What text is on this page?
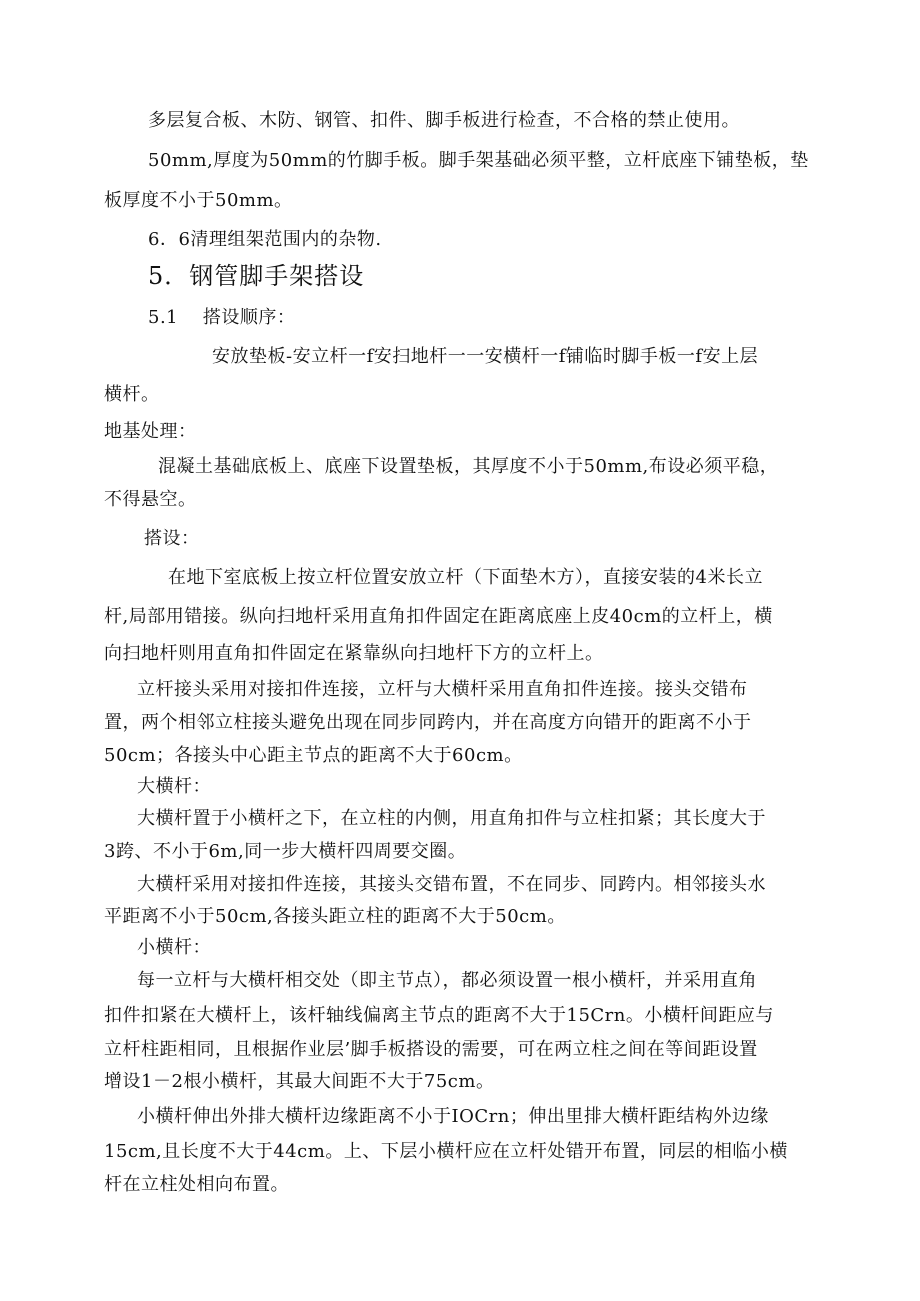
多层复合板、木防、钢管、扣件、脚手板进行检查，不合格的禁止使用。
50mm,厚度为50mm的竹脚手板。脚手架基础必须平整，立杆底座下铺垫板，垫
板厚度不小于50mm。
6．6清理组架范围内的杂物.
5．钢管脚手架搭设
5.1　 搭设顺序：
安放垫板-安立杆一f安扫地杆一一安横杆一f铺临时脚手板一f安上层
横杆。
地基处理：
混凝土基础底板上、底座下设置垫板，其厚度不小于50mm,布设必须平稳，
不得悬空。
搭设：
在地下室底板上按立杆位置安放立杆（下面垫木方），直接安装的4米长立
杆,局部用错接。纵向扫地杆采用直角扣件固定在距离底座上皮40cm的立杆上，横
向扫地杆则用直角扣件固定在紧靠纵向扫地杆下方的立杆上。
立杆接头采用对接扣件连接，立杆与大横杆采用直角扣件连接。接头交错布
置，两个相邻立柱接头避免出现在同步同跨内，并在高度方向错开的距离不小于
50cm；各接头中心距主节点的距离不大于60cm。
大横杆：
大横杆置于小横杆之下，在立柱的内侧，用直角扣件与立柱扣紧；其长度大于
3跨、不小于6m,同一步大横杆四周要交圈。
大横杆采用对接扣件连接，其接头交错布置，不在同步、同跨内。相邻接头水
平距离不小于50cm,各接头距立柱的距离不大于50cm。
小横杆：
每一立杆与大横杆相交处（即主节点），都必须设置一根小横杆，并采用直角
扣件扣紧在大横杆上，该杆轴线偏离主节点的距离不大于15Crn。小横杆间距应与
立杆柱距相同，且根据作业层’脚手板搭设的需要，可在两立柱之间在等间距设置
增设1－2根小横杆，其最大间距不大于75cm。
小横杆伸出外排大横杆边缘距离不小于IOCrn；伸出里排大横杆距结构外边缘
15cm,且长度不大于44cm。上、下层小横杆应在立杆处错开布置，同层的相临小横
杆在立柱处相向布置。
